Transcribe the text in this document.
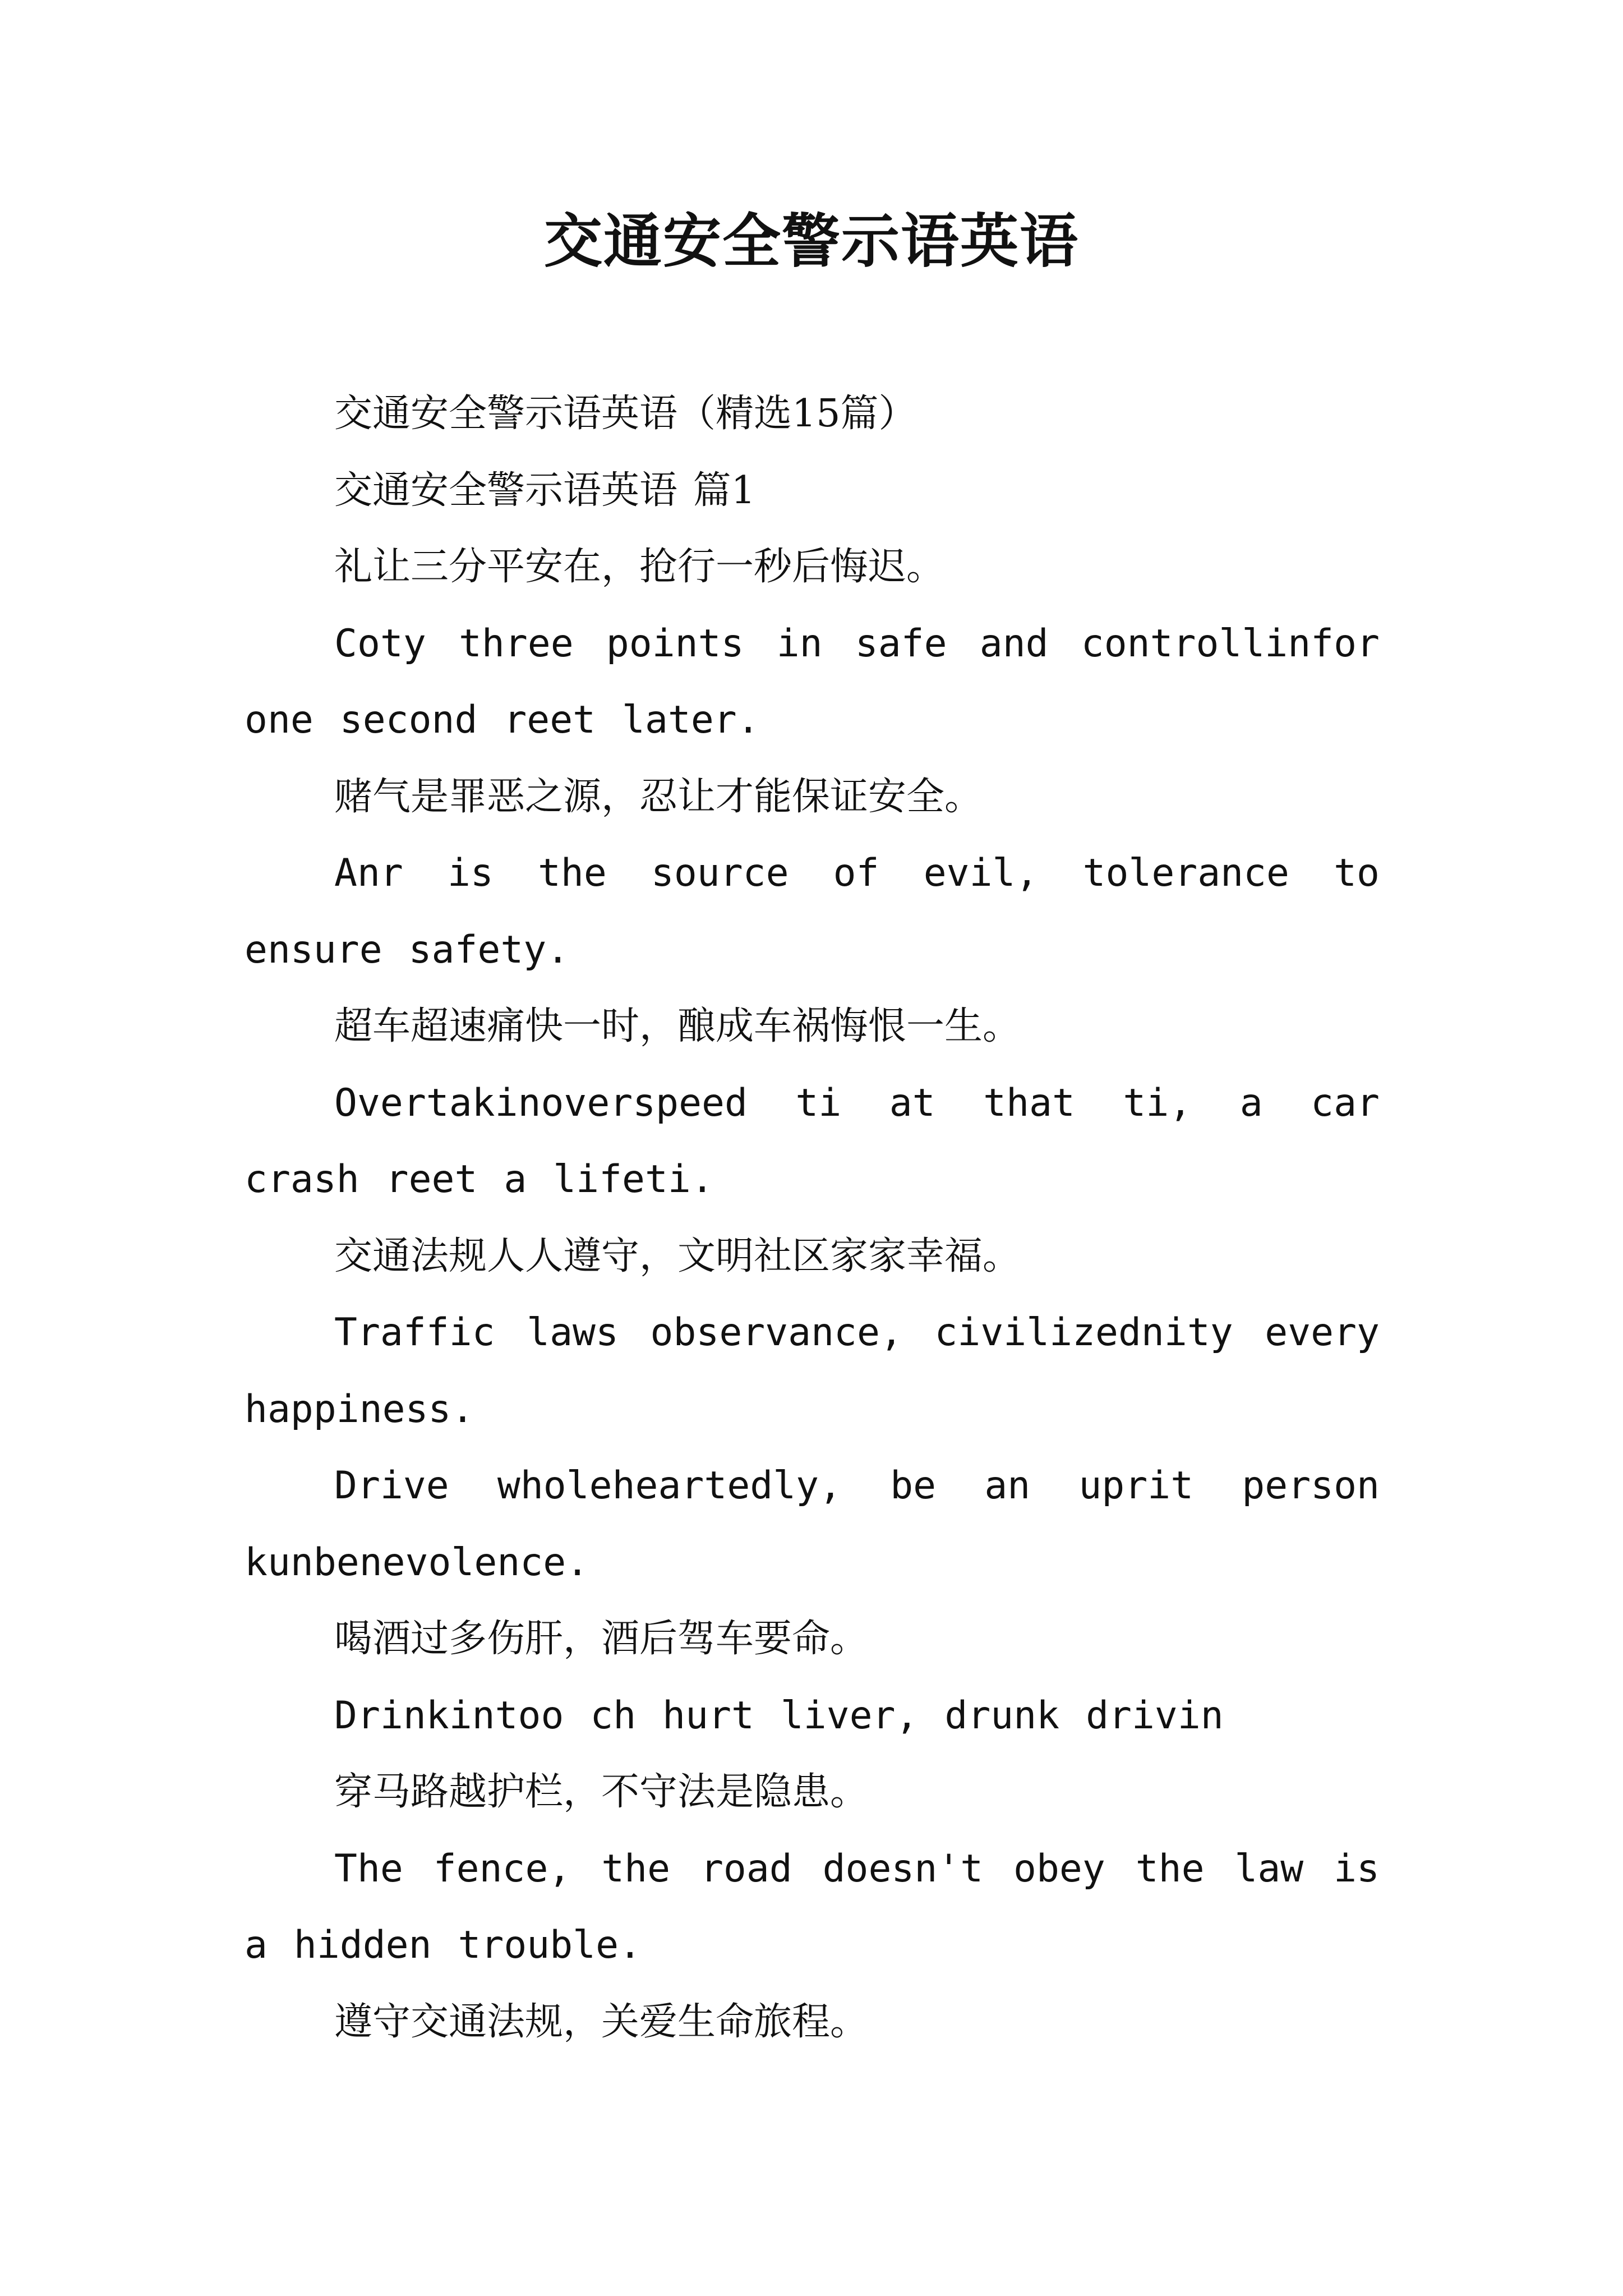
交通安全警示语英语

交通安全警示语英语（精选15篇）

交通安全警示语英语 篇1

礼让三分平安在，抢行一秒后悔迟。

Coty three points in safe and controllinfor one second reet later.

赌气是罪恶之源，忍让才能保证安全。

Anr is the source of evil, tolerance to ensure safety.

超车超速痛快一时，酿成车祸悔恨一生。

Overtakinoverspeed ti at that ti, a car crash reet a lifeti.

交通法规人人遵守，文明社区家家幸福。

Traffic laws observance, civilizednity every happiness.

Drive wholeheartedly, be an uprit person kunbenevolence.

喝酒过多伤肝，酒后驾车要命。

Drinkintoo ch hurt liver, drunk drivin

穿马路越护栏，不守法是隐患。

The fence, the road doesn't obey the law is a hidden trouble.

遵守交通法规，关爱生命旅程。
